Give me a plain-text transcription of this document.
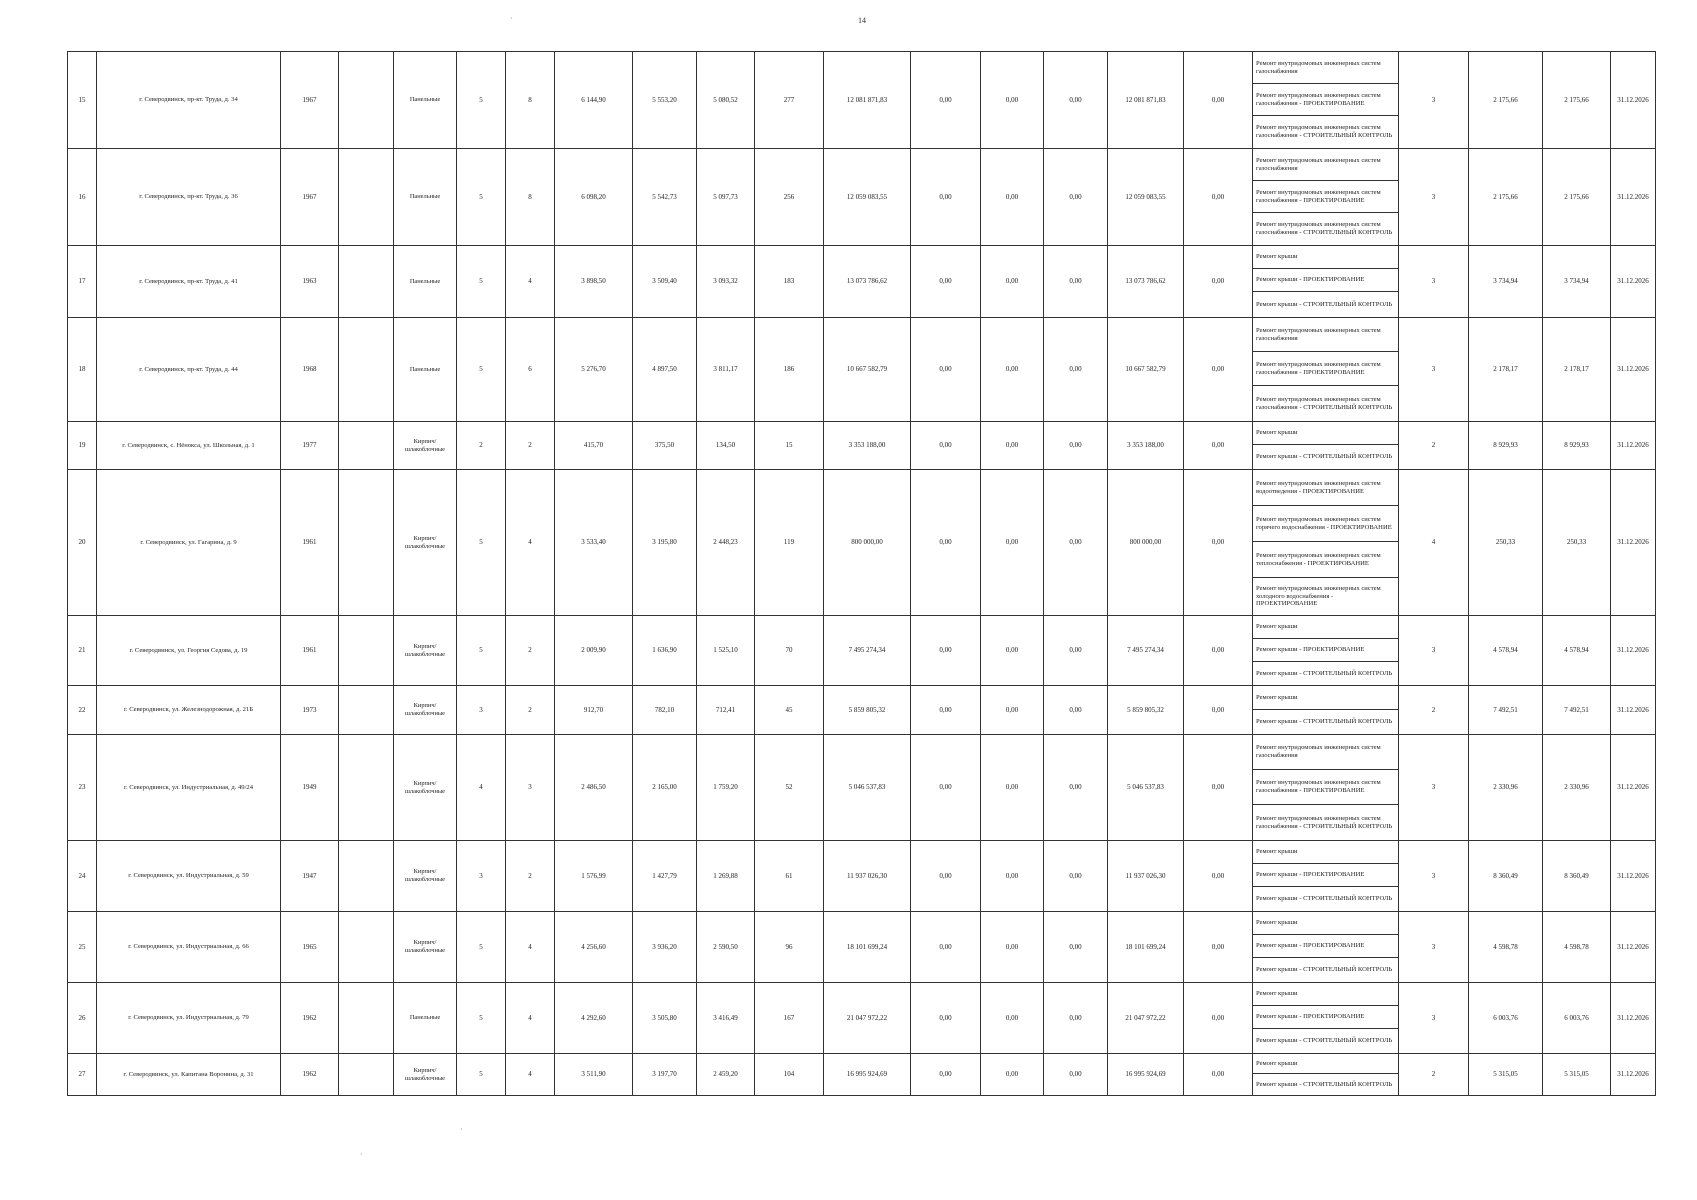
14
·
·
·
15	г. Северодвинск, пр-кт. Труда, д. 34	1967		Панельные	5	8	6 144,90	5 553,20	5 080,52	277	12 081 871,83	0,00	0,00	0,00	12 081 871,83	0,00	Ремонт внутридомовых инженерных систем газоснабжения
Ремонт внутридомовых инженерных систем газоснабжения - ПРОЕКТИРОВАНИЕ
Ремонт внутридомовых инженерных систем газоснабжения - СТРОИТЕЛЬНЫЙ КОНТРОЛЬ	3	2 175,66	2 175,66	31.12.2026
16	г. Северодвинск, пр-кт. Труда, д. 36	1967		Панельные	5	8	6 098,20	5 542,73	5 097,73	256	12 059 083,55	0,00	0,00	0,00	12 059 083,55	0,00	Ремонт внутридомовых инженерных систем газоснабжения
Ремонт внутридомовых инженерных систем газоснабжения - ПРОЕКТИРОВАНИЕ
Ремонт внутридомовых инженерных систем газоснабжения - СТРОИТЕЛЬНЫЙ КОНТРОЛЬ	3	2 175,66	2 175,66	31.12.2026
17	г. Северодвинск, пр-кт. Труда, д. 41	1963		Панельные	5	4	3 898,50	3 509,40	3 093,32	183	13 073 786,62	0,00	0,00	0,00	13 073 786,62	0,00	Ремонт крыши
Ремонт крыши - ПРОЕКТИРОВАНИЕ
Ремонт крыши - СТРОИТЕЛЬНЫЙ КОНТРОЛЬ	3	3 734,94	3 734,94	31.12.2026
18	г. Северодвинск, пр-кт. Труда, д. 44	1968		Панельные	5	6	5 276,70	4 897,50	3 811,17	186	10 667 582,79	0,00	0,00	0,00	10 667 582,79	0,00	Ремонт внутридомовых инженерных систем газоснабжения
Ремонт внутридомовых инженерных систем газоснабжения - ПРОЕКТИРОВАНИЕ
Ремонт внутридомовых инженерных систем газоснабжения - СТРОИТЕЛЬНЫЙ КОНТРОЛЬ	3	2 178,17	2 178,17	31.12.2026
19	г. Северодвинск, с. Нёнокса, ул. Школьная, д. 1	1977		Кирпич/ шлакоблочные	2	2	415,70	375,50	134,50	15	3 353 188,00	0,00	0,00	0,00	3 353 188,00	0,00	Ремонт крыши
Ремонт крыши - СТРОИТЕЛЬНЫЙ КОНТРОЛЬ	2	8 929,93	8 929,93	31.12.2026
20	г. Северодвинск, ул. Гагарина, д. 9	1961		Кирпич/ шлакоблочные	5	4	3 533,40	3 195,80	2 448,23	119	800 000,00	0,00	0,00	0,00	800 000,00	0,00	Ремонт внутридомовых инженерных систем водоотведения - ПРОЕКТИРОВАНИЕ
Ремонт внутридомовых инженерных систем горячего водоснабжения - ПРОЕКТИРОВАНИЕ
Ремонт внутридомовых инженерных систем теплоснабжения - ПРОЕКТИРОВАНИЕ
Ремонт внутридомовых инженерных систем холодного водоснабжения - ПРОЕКТИРОВАНИЕ	4	250,33	250,33	31.12.2026
21	г. Северодвинск, ул. Георгия Седова, д. 19	1961		Кирпич/ шлакоблочные	5	2	2 009,90	1 636,90	1 525,10	70	7 495 274,34	0,00	0,00	0,00	7 495 274,34	0,00	Ремонт крыши
Ремонт крыши - ПРОЕКТИРОВАНИЕ
Ремонт крыши - СТРОИТЕЛЬНЫЙ КОНТРОЛЬ	3	4 578,94	4 578,94	31.12.2026
22	г. Северодвинск, ул. Железнодорожная, д. 21Б	1973		Кирпич/ шлакоблочные	3	2	912,70	782,10	712,41	45	5 859 805,32	0,00	0,00	0,00	5 859 805,32	0,00	Ремонт крыши
Ремонт крыши - СТРОИТЕЛЬНЫЙ КОНТРОЛЬ	2	7 492,51	7 492,51	31.12.2026
23	г. Северодвинск, ул. Индустриальная, д. 49/24	1949		Кирпич/ шлакоблочные	4	3	2 486,50	2 165,00	1 759,20	52	5 046 537,83	0,00	0,00	0,00	5 046 537,83	0,00	Ремонт внутридомовых инженерных систем газоснабжения
Ремонт внутридомовых инженерных систем газоснабжения - ПРОЕКТИРОВАНИЕ
Ремонт внутридомовых инженерных систем газоснабжения - СТРОИТЕЛЬНЫЙ КОНТРОЛЬ	3	2 330,96	2 330,96	31.12.2026
24	г. Северодвинск, ул. Индустриальная, д. 59	1947		Кирпич/ шлакоблочные	3	2	1 576,99	1 427,79	1 269,88	61	11 937 026,30	0,00	0,00	0,00	11 937 026,30	0,00	Ремонт крыши
Ремонт крыши - ПРОЕКТИРОВАНИЕ
Ремонт крыши - СТРОИТЕЛЬНЫЙ КОНТРОЛЬ	3	8 360,49	8 360,49	31.12.2026
25	г. Северодвинск, ул. Индустриальная, д. 66	1965		Кирпич/ шлакоблочные	5	4	4 256,60	3 936,20	2 590,50	96	18 101 699,24	0,00	0,00	0,00	18 101 699,24	0,00	Ремонт крыши
Ремонт крыши - ПРОЕКТИРОВАНИЕ
Ремонт крыши - СТРОИТЕЛЬНЫЙ КОНТРОЛЬ	3	4 598,78	4 598,78	31.12.2026
26	г. Северодвинск, ул. Индустриальная, д. 79	1962		Панельные	5	4	4 292,60	3 505,80	3 416,49	167	21 047 972,22	0,00	0,00	0,00	21 047 972,22	0,00	Ремонт крыши
Ремонт крыши - ПРОЕКТИРОВАНИЕ
Ремонт крыши - СТРОИТЕЛЬНЫЙ КОНТРОЛЬ	3	6 003,76	6 003,76	31.12.2026
27	г. Северодвинск, ул. Капитана Воронина, д. 31	1962		Кирпич/ шлакоблочные	5	4	3 511,90	3 197,70	2 459,20	104	16 995 924,69	0,00	0,00	0,00	16 995 924,69	0,00	Ремонт крыши
Ремонт крыши - СТРОИТЕЛЬНЫЙ КОНТРОЛЬ	2	5 315,05	5 315,05	31.12.2026
